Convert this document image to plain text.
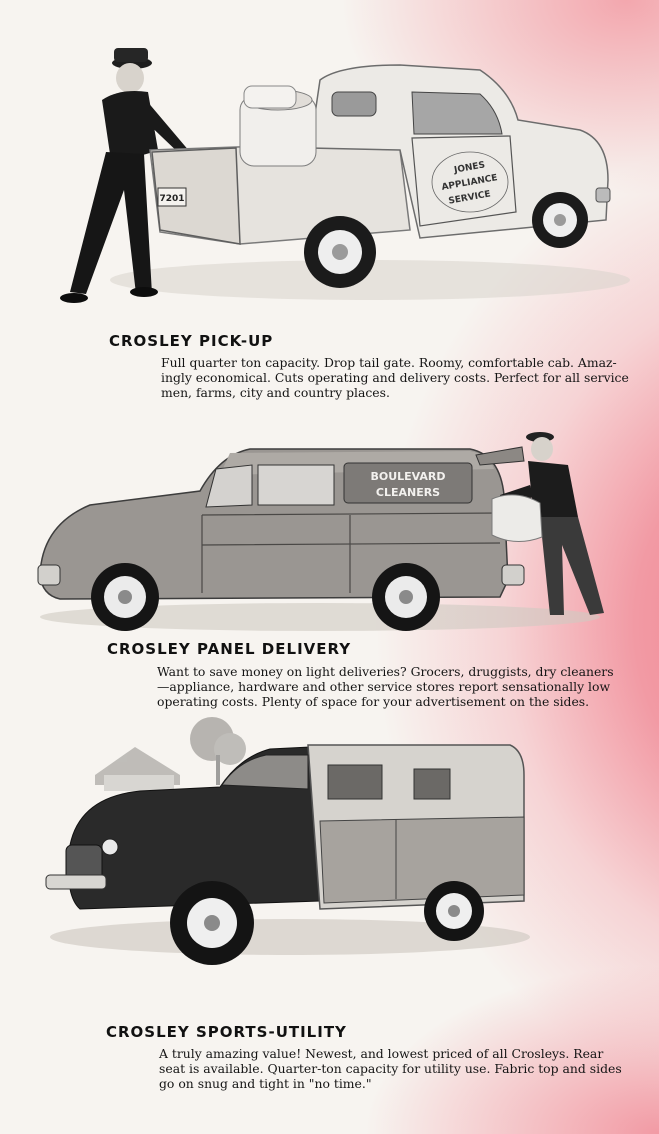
7201
JONES
APPLIANCE
SERVICE
CROSLEY PICK-UP
Full quarter ton capacity. Drop tail gate. Roomy, comfortable cab. Amaz-
ingly economical. Cuts operating and delivery costs. Perfect for all service
men, farms, city and country places.
BOULEVARD
CLEANERS
CROSLEY PANEL DELIVERY
Want to save money on light deliveries? Grocers, druggists, dry cleaners
—appliance, hardware and other service stores report sensationally low
operating costs. Plenty of space for your advertisement on the sides.
CROSLEY SPORTS-UTILITY
A truly amazing value! Newest, and lowest priced of all Crosleys. Rear
seat is available. Quarter-ton capacity for utility use. Fabric top and sides
go on snug and tight in "no time."
